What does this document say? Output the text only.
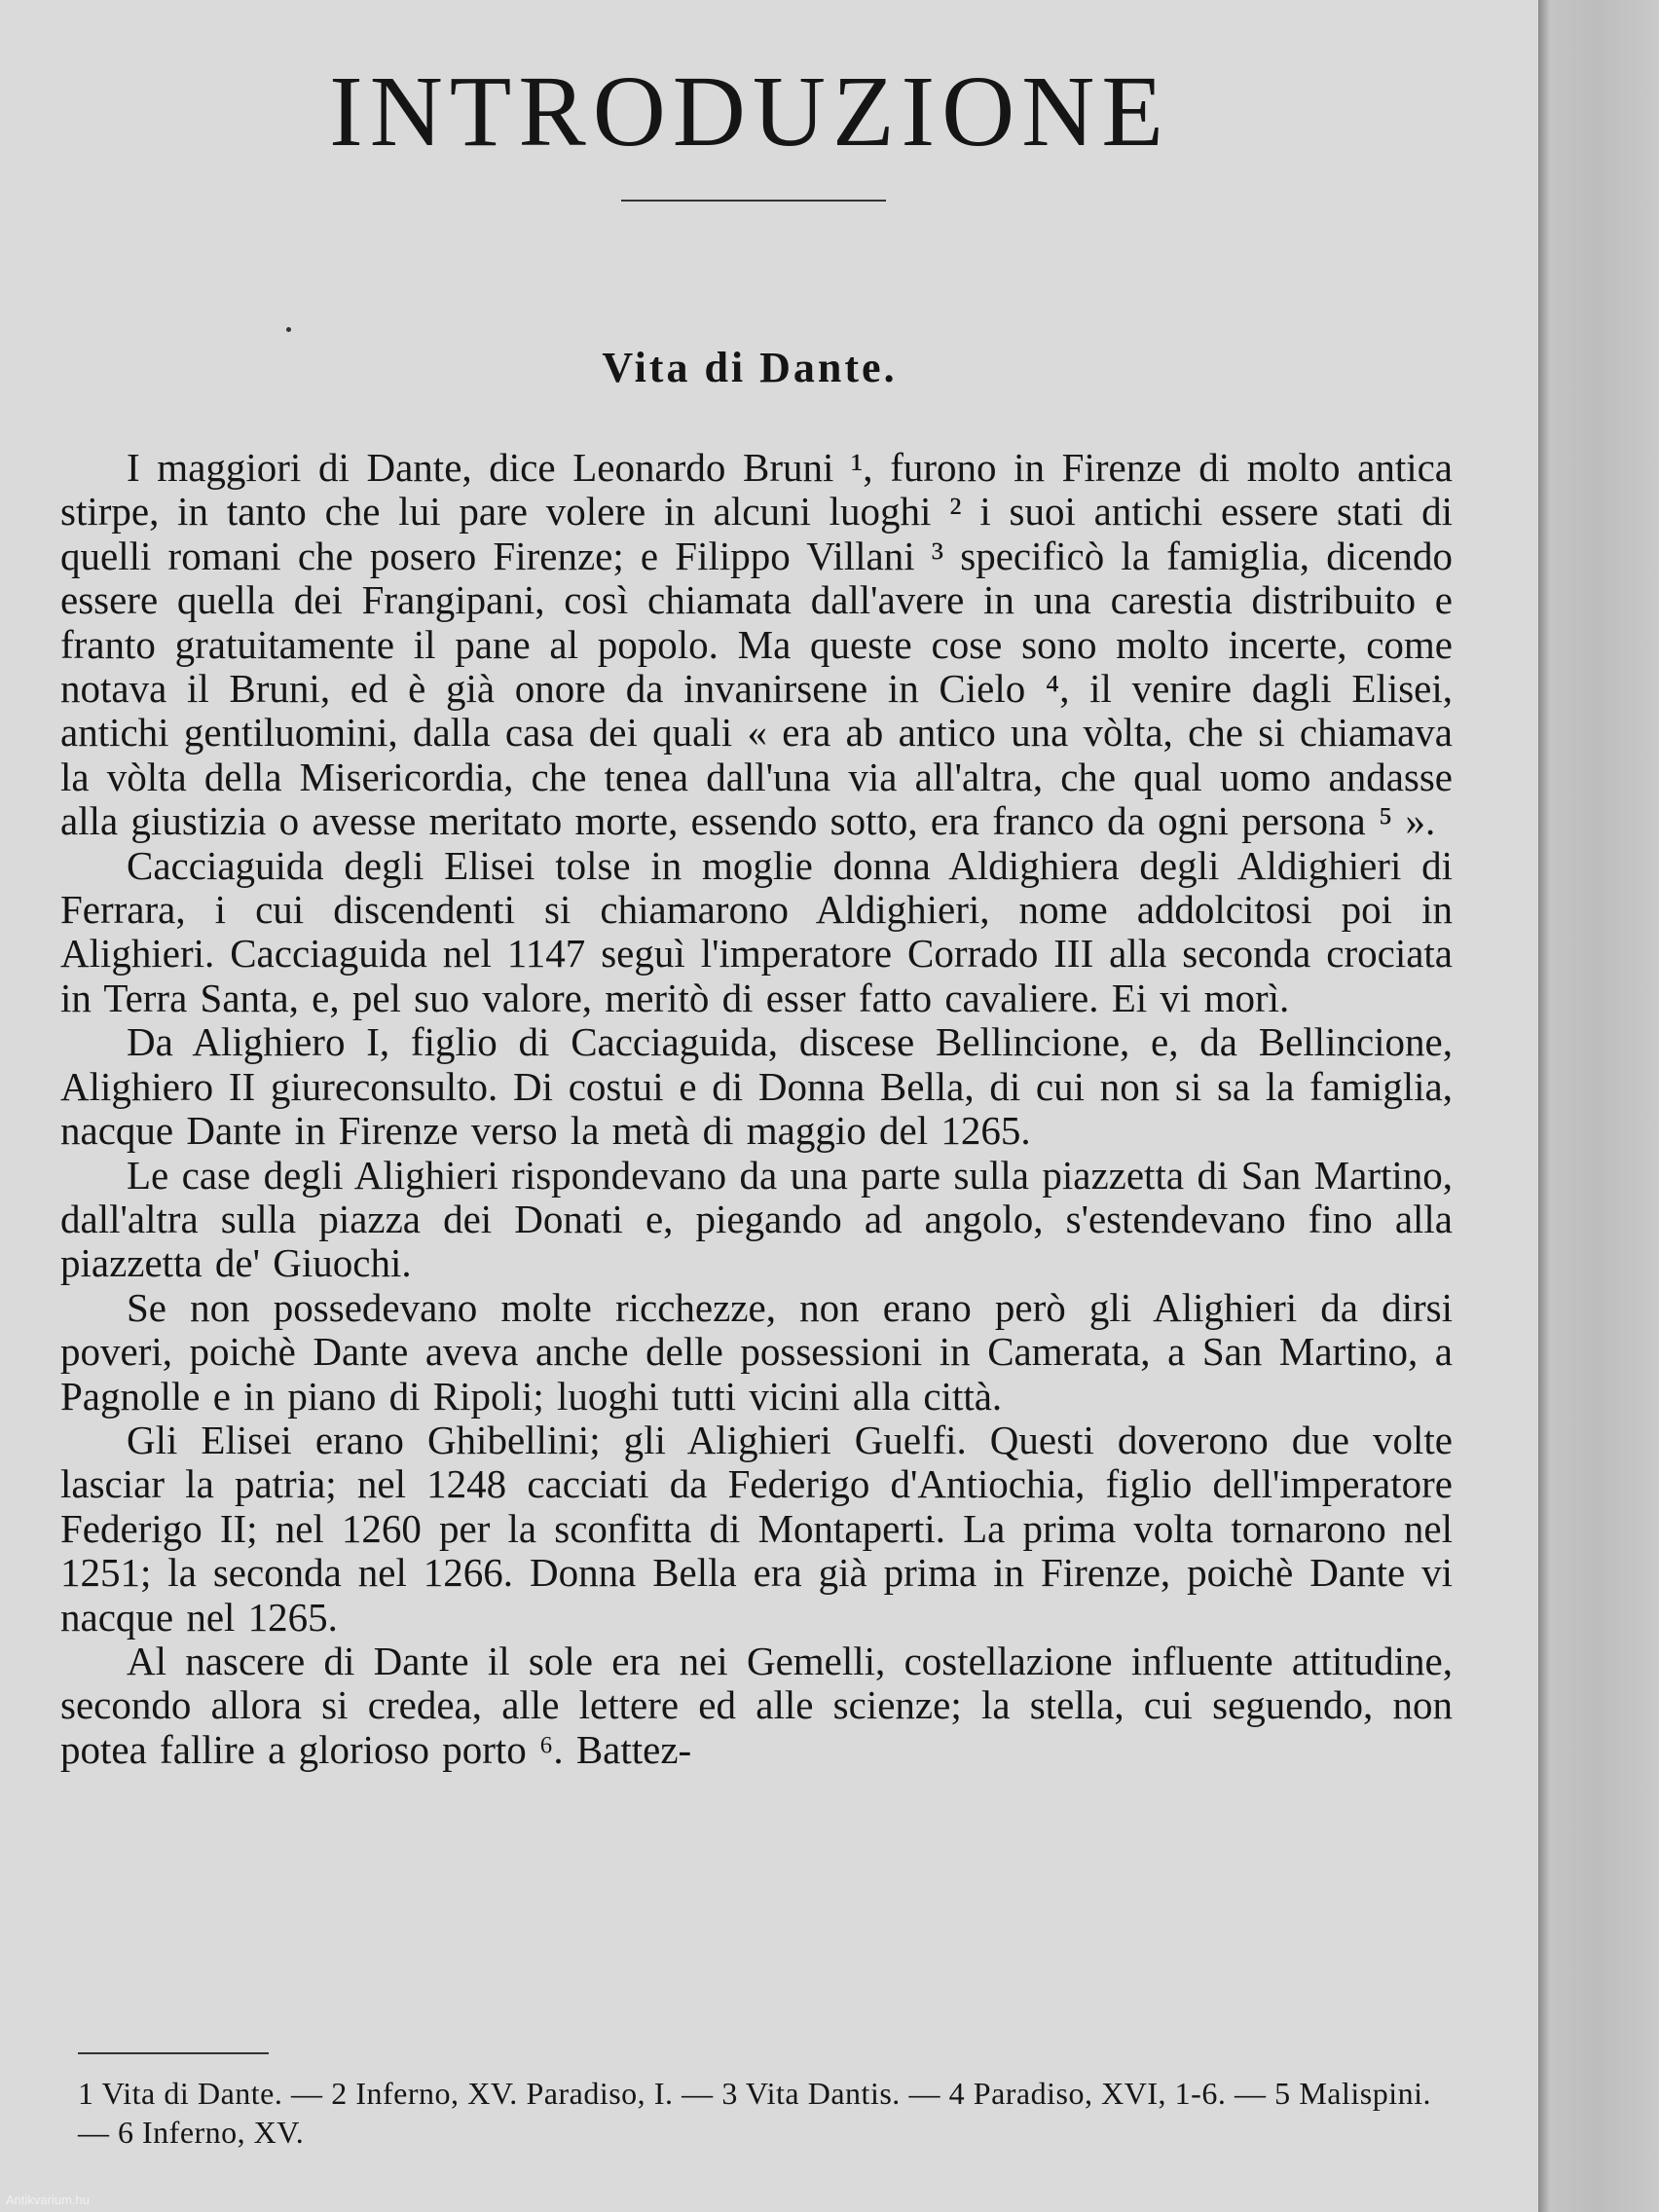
INTRODUZIONE
Vita di Dante.

I maggiori di Dante, dice Leonardo Bruni ¹, furono in Firenze di molto antica stirpe, in tanto che lui pare volere in alcuni luoghi ² i suoi antichi essere stati di quelli romani che posero Firenze; e Filippo Villani ³ specificò la famiglia, dicendo essere quella dei Frangipani, così chiamata dall'avere in una carestia distribuito e franto gratuitamente il pane al popolo. Ma queste cose sono molto incerte, come notava il Bruni, ed è già onore da invanirsene in Cielo ⁴, il venire dagli Elisei, antichi gentiluomini, dalla casa dei quali « era ab antico una vòlta, che si chiamava la vòlta della Misericordia, che tenea dall'una via all'altra, che qual uomo andasse alla giustizia o avesse meritato morte, essendo sotto, era franco da ogni persona ⁵ ».

Cacciaguida degli Elisei tolse in moglie donna Aldighiera degli Aldighieri di Ferrara, i cui discendenti si chiamarono Aldighieri, nome addolcitosi poi in Alighieri. Cacciaguida nel 1147 seguì l'imperatore Corrado III alla seconda crociata in Terra Santa, e, pel suo valore, meritò di esser fatto cavaliere. Ei vi morì.

Da Alighiero I, figlio di Cacciaguida, discese Bellincione, e, da Bellincione, Alighiero II giureconsulto. Di costui e di Donna Bella, di cui non si sa la famiglia, nacque Dante in Firenze verso la metà di maggio del 1265.

Le case degli Alighieri rispondevano da una parte sulla piazzetta di San Martino, dall'altra sulla piazza dei Donati e, piegando ad angolo, s'estendevano fino alla piazzetta de' Giuochi.

Se non possedevano molte ricchezze, non erano però gli Alighieri da dirsi poveri, poichè Dante aveva anche delle possessioni in Camerata, a San Martino, a Pagnolle e in piano di Ripoli; luoghi tutti vicini alla città.

Gli Elisei erano Ghibellini; gli Alighieri Guelfi. Questi doverono due volte lasciar la patria; nel 1248 cacciati da Federigo d'Antiochia, figlio dell'imperatore Federigo II; nel 1260 per la sconfitta di Montaperti. La prima volta tornarono nel 1251; la seconda nel 1266. Donna Bella era già prima in Firenze, poichè Dante vi nacque nel 1265.

Al nascere di Dante il sole era nei Gemelli, costellazione influente attitudine, secondo allora si credea, alle lettere ed alle scienze; la stella, cui seguendo, non potea fallire a glorioso porto ⁶. Battez-

1 Vita di Dante. — 2 Inferno, XV. Paradiso, I. — 3 Vita Dantis. — 4 Paradiso, XVI, 1-6. — 5 Malispini. — 6 Inferno, XV.

Antikvarium.hu
